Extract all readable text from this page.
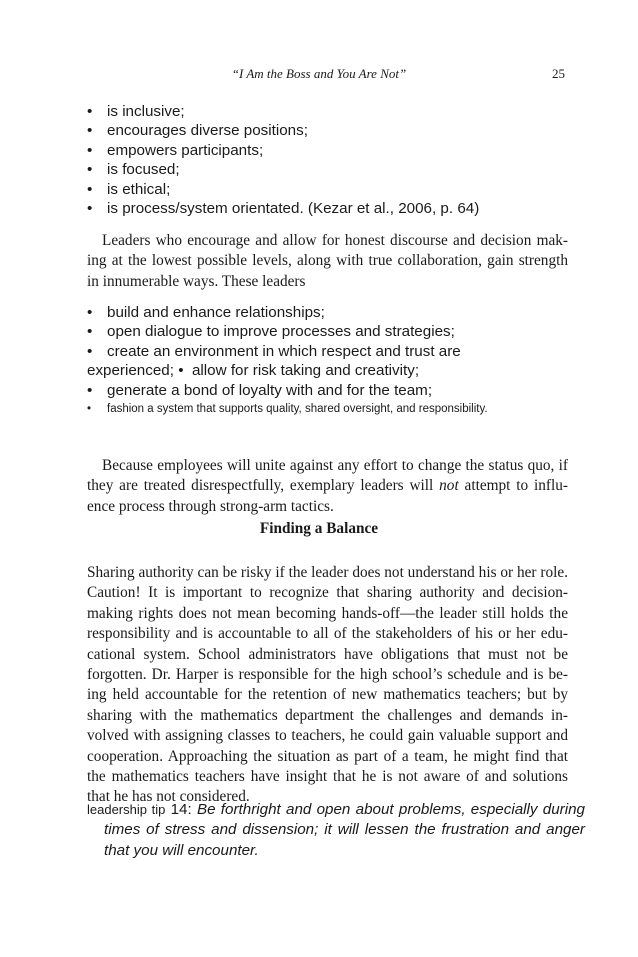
“I Am the Boss and You Are Not”	25
• is inclusive;
• encourages diverse positions;
• empowers participants;
• is focused;
• is ethical;
• is process/system orientated. (Kezar et al., 2006, p. 64)

Leaders who encourage and allow for honest discourse and decision mak-ing at the lowest possible levels, along with true collaboration, gain strength in innumerable ways. These leaders

• build and enhance relationships;
• open dialogue to improve processes and strategies;
• create an environment in which respect and trust are
experienced; • allow for risk taking and creativity;
• generate a bond of loyalty with and for the team;
• fashion a system that supports quality, shared oversight, and responsibility.

Because employees will unite against any effort to change the status quo, if they are treated disrespectfully, exemplary leaders will not attempt to influ-ence process through strong-arm tactics.

Finding a Balance

Sharing authority can be risky if the leader does not understand his or her role. Caution! It is important to recognize that sharing authority and decision-making rights does not mean becoming hands-off—the leader still holds the responsibility and is accountable to all of the stakeholders of his or her edu-cational system. School administrators have obligations that must not be forgotten. Dr. Harper is responsible for the high school’s schedule and is be-ing held accountable for the retention of new mathematics teachers; but by sharing with the mathematics department the challenges and demands in-volved with assigning classes to teachers, he could gain valuable support and cooperation. Approaching the situation as part of a team, he might find that the mathematics teachers have insight that he is not aware of and solutions that he has not considered.

leadership tip 14: Be forthright and open about problems, especially during times of stress and dissension; it will lessen the frustration and anger that you will encounter.
